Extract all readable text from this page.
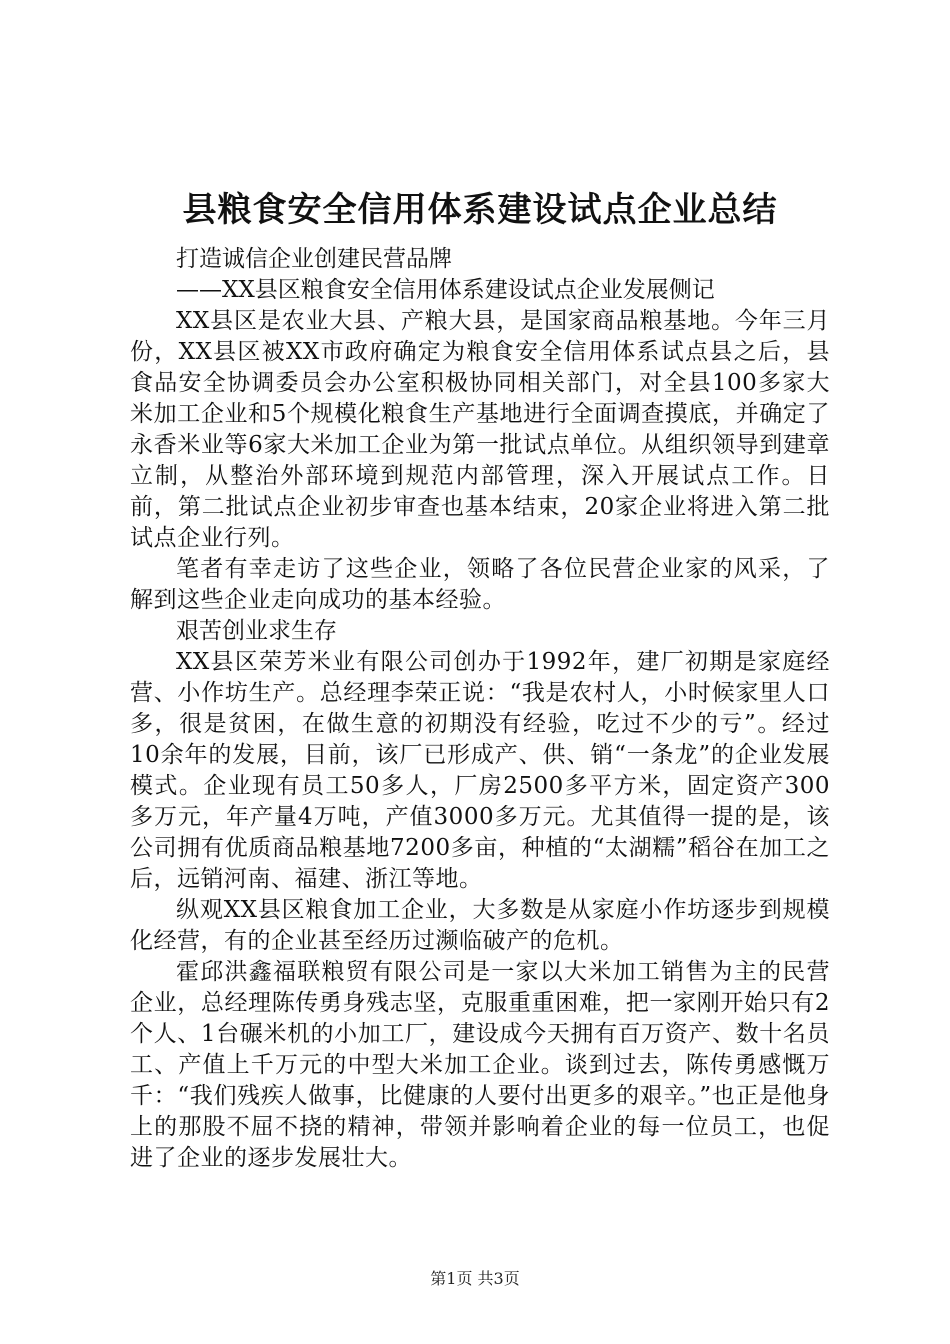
县粮食安全信用体系建设试点企业总结

打造诚信企业创建民营品牌

——XX县区粮食安全信用体系建设试点企业发展侧记

XX县区是农业大县、产粮大县，是国家商品粮基地。今年三月份，XX县区被XX市政府确定为粮食安全信用体系试点县之后，县食品安全协调委员会办公室积极协同相关部门，对全县100多家大米加工企业和5个规模化粮食生产基地进行全面调查摸底，并确定了永香米业等6家大米加工企业为第一批试点单位。从组织领导到建章立制，从整治外部环境到规范内部管理，深入开展试点工作。日前，第二批试点企业初步审查也基本结束，20家企业将进入第二批试点企业行列。

笔者有幸走访了这些企业，领略了各位民营企业家的风采，了解到这些企业走向成功的基本经验。

艰苦创业求生存

XX县区荣芳米业有限公司创办于1992年，建厂初期是家庭经营、小作坊生产。总经理李荣正说：“我是农村人，小时候家里人口多，很是贫困，在做生意的初期没有经验，吃过不少的亏”。经过10余年的发展，目前，该厂已形成产、供、销“一条龙”的企业发展模式。企业现有员工50多人，厂房2500多平方米，固定资产300多万元，年产量4万吨，产值3000多万元。尤其值得一提的是，该公司拥有优质商品粮基地7200多亩，种植的“太湖糯”稻谷在加工之后，远销河南、福建、浙江等地。

纵观XX县区粮食加工企业，大多数是从家庭小作坊逐步到规模化经营，有的企业甚至经历过濒临破产的危机。

霍邱洪鑫福联粮贸有限公司是一家以大米加工销售为主的民营企业，总经理陈传勇身残志坚，克服重重困难，把一家刚开始只有2个人、1台碾米机的小加工厂，建设成今天拥有百万资产、数十名员工、产值上千万元的中型大米加工企业。谈到过去，陈传勇感慨万千：“我们残疾人做事，比健康的人要付出更多的艰辛。”也正是他身上的那股不屈不挠的精神，带领并影响着企业的每一位员工，也促进了企业的逐步发展壮大。

第1页 共3页
